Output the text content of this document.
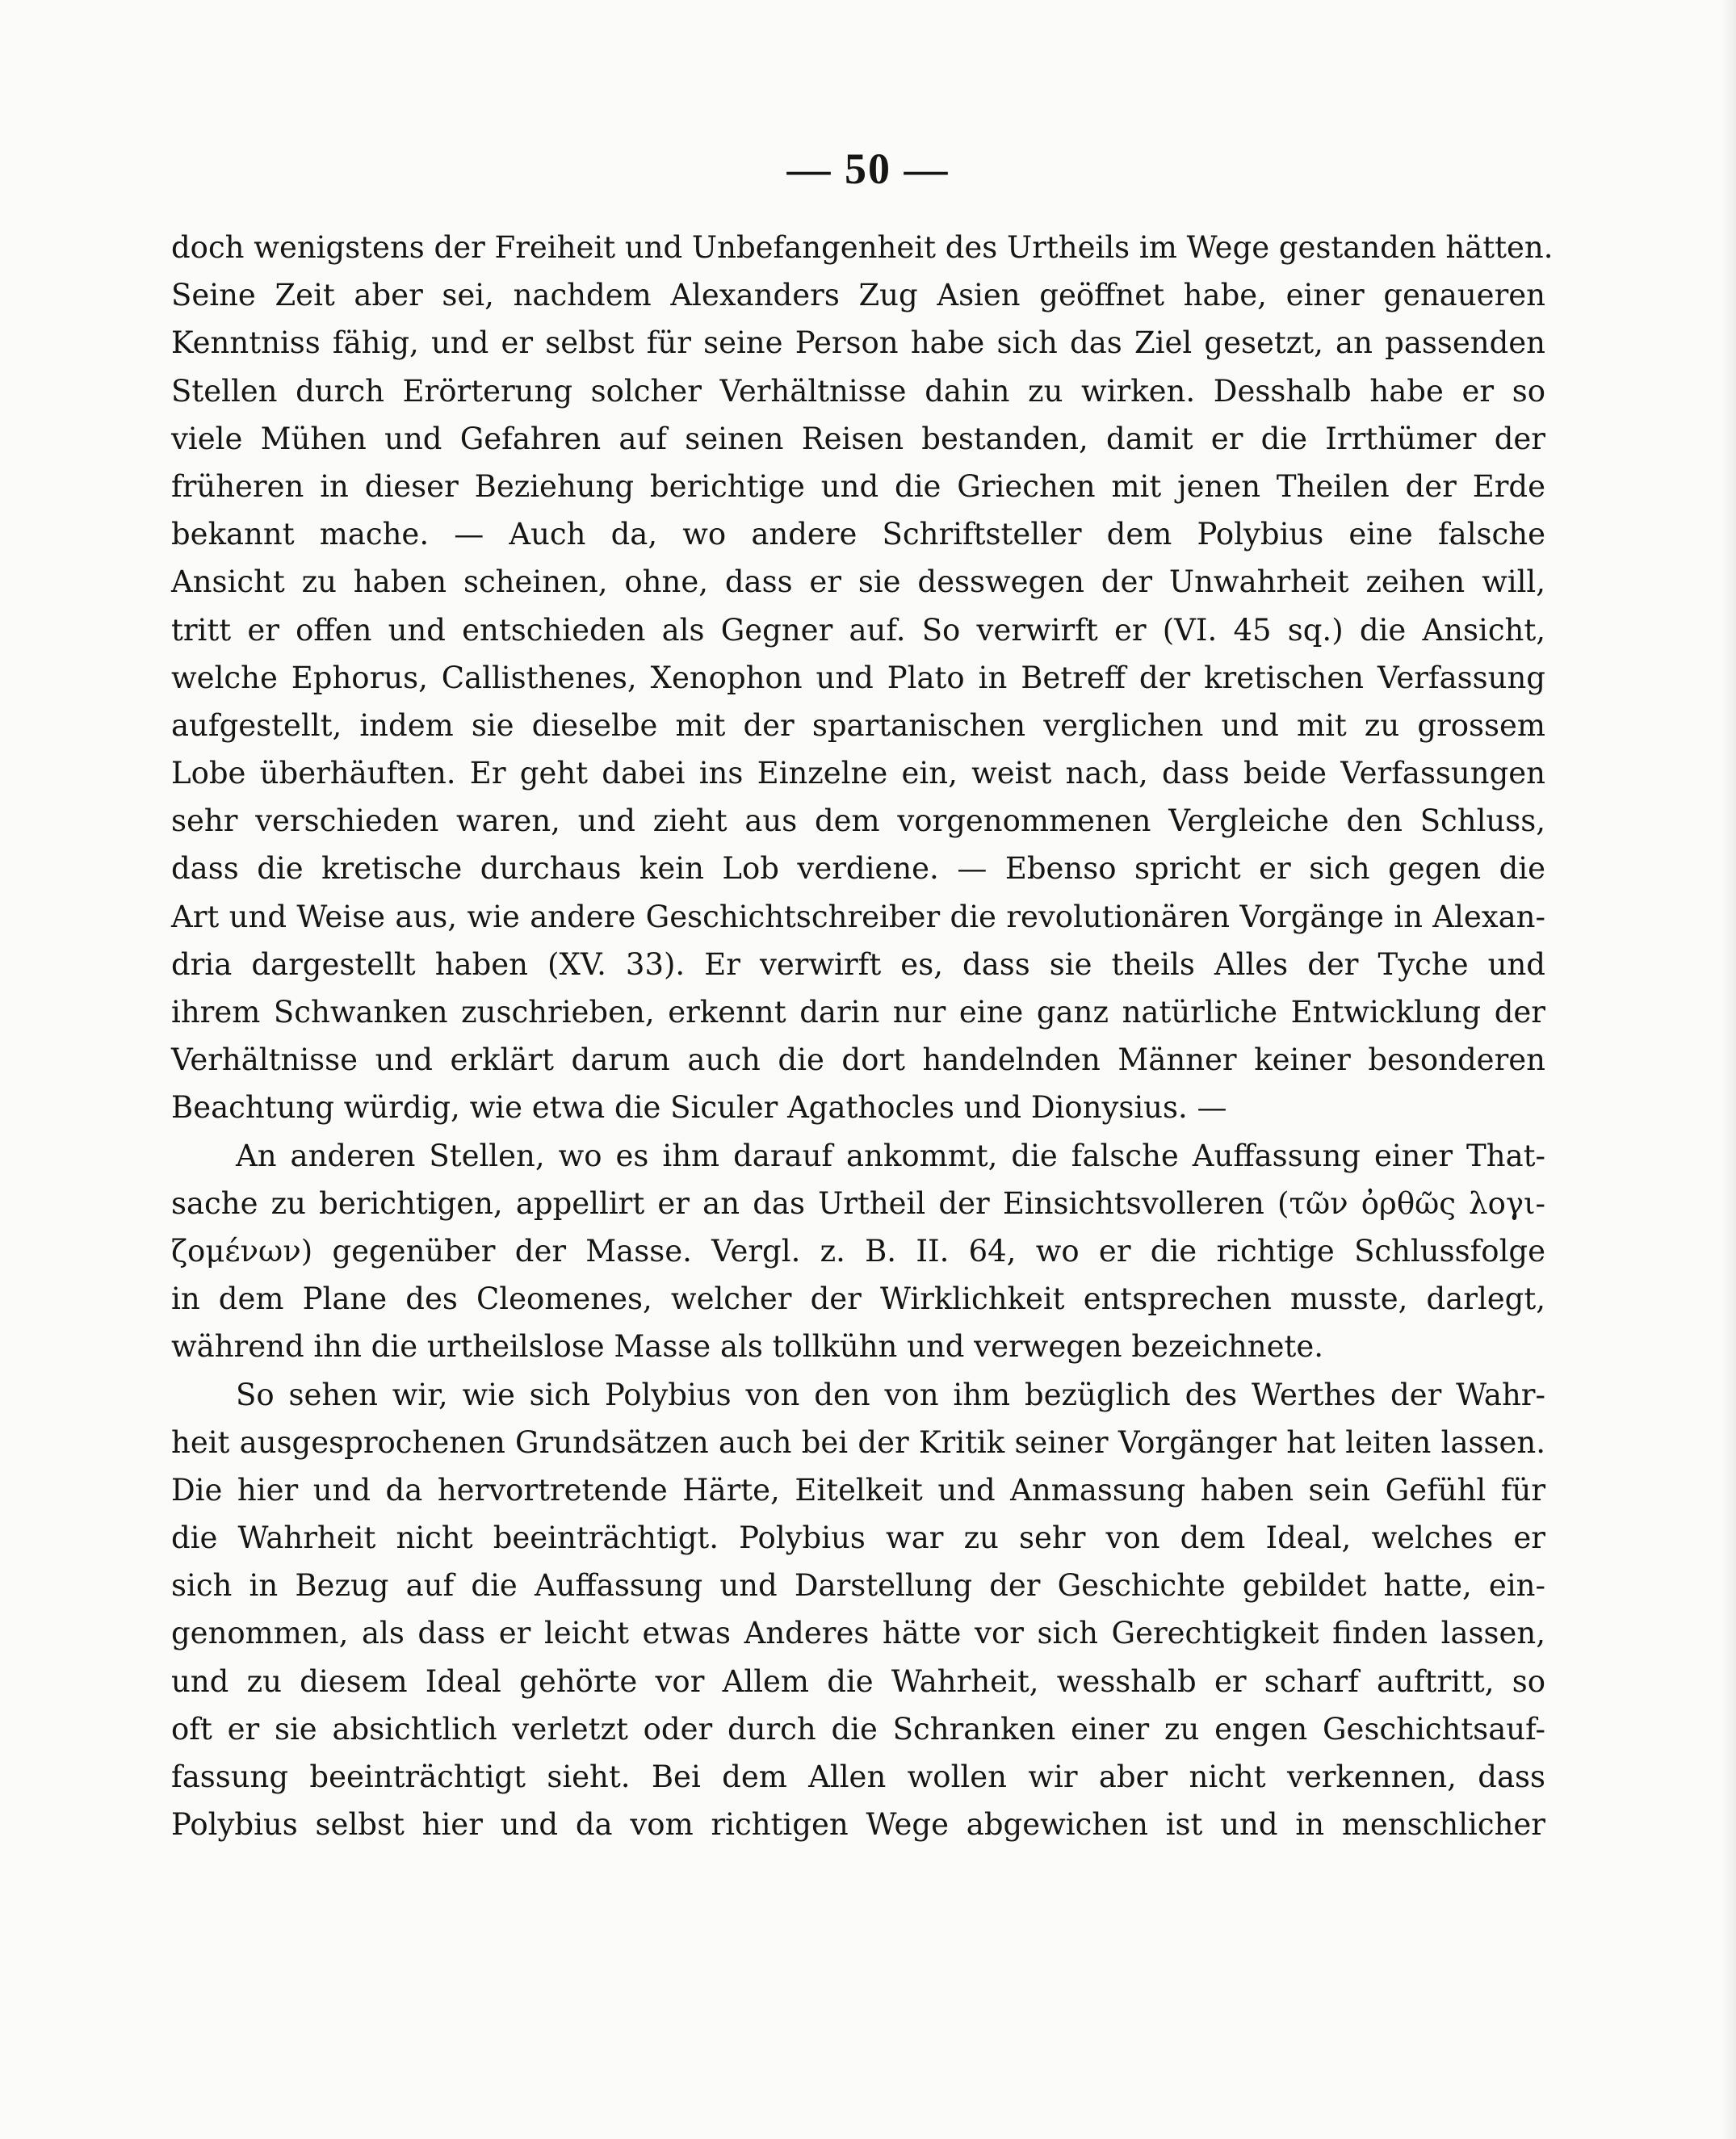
— 50 —
doch wenigstens der Freiheit und Unbefangenheit des Urtheils im Wege gestanden hätten.
Seine Zeit aber sei, nachdem Alexanders Zug Asien geöffnet habe, einer genaueren
Kenntniss fähig, und er selbst für seine Person habe sich das Ziel gesetzt, an passenden
Stellen durch Erörterung solcher Verhältnisse dahin zu wirken. Desshalb habe er so
viele Mühen und Gefahren auf seinen Reisen bestanden, damit er die Irrthümer der
früheren in dieser Beziehung berichtige und die Griechen mit jenen Theilen der Erde
bekannt mache. — Auch da, wo andere Schriftsteller dem Polybius eine falsche
Ansicht zu haben scheinen, ohne, dass er sie desswegen der Unwahrheit zeihen will,
tritt er offen und entschieden als Gegner auf. So verwirft er (VI. 45 sq.) die Ansicht,
welche Ephorus, Callisthenes, Xenophon und Plato in Betreff der kretischen Verfassung
aufgestellt, indem sie dieselbe mit der spartanischen verglichen und mit zu grossem
Lobe überhäuften. Er geht dabei ins Einzelne ein, weist nach, dass beide Verfassungen
sehr verschieden waren, und zieht aus dem vorgenommenen Vergleiche den Schluss,
dass die kretische durchaus kein Lob verdiene. — Ebenso spricht er sich gegen die
Art und Weise aus, wie andere Geschichtschreiber die revolutionären Vorgänge in Alexan-
dria dargestellt haben (XV. 33). Er verwirft es, dass sie theils Alles der Tyche und
ihrem Schwanken zuschrieben, erkennt darin nur eine ganz natürliche Entwicklung der
Verhältnisse und erklärt darum auch die dort handelnden Männer keiner besonderen
Beachtung würdig, wie etwa die Siculer Agathocles und Dionysius. —
An anderen Stellen, wo es ihm darauf ankommt, die falsche Auffassung einer That-
sache zu berichtigen, appellirt er an das Urtheil der Einsichtsvolleren (τῶν ὀρθῶς λογι-
ζομένων) gegenüber der Masse. Vergl. z. B. II. 64, wo er die richtige Schlussfolge
in dem Plane des Cleomenes, welcher der Wirklichkeit entsprechen musste, darlegt,
während ihn die urtheilslose Masse als tollkühn und verwegen bezeichnete.
So sehen wir, wie sich Polybius von den von ihm bezüglich des Werthes der Wahr-
heit ausgesprochenen Grundsätzen auch bei der Kritik seiner Vorgänger hat leiten lassen.
Die hier und da hervortretende Härte, Eitelkeit und Anmassung haben sein Gefühl für
die Wahrheit nicht beeinträchtigt. Polybius war zu sehr von dem Ideal, welches er
sich in Bezug auf die Auffassung und Darstellung der Geschichte gebildet hatte, ein-
genommen, als dass er leicht etwas Anderes hätte vor sich Gerechtigkeit finden lassen,
und zu diesem Ideal gehörte vor Allem die Wahrheit, wesshalb er scharf auftritt, so
oft er sie absichtlich verletzt oder durch die Schranken einer zu engen Geschichtsauf-
fassung beeinträchtigt sieht. Bei dem Allen wollen wir aber nicht verkennen, dass
Polybius selbst hier und da vom richtigen Wege abgewichen ist und in menschlicher
